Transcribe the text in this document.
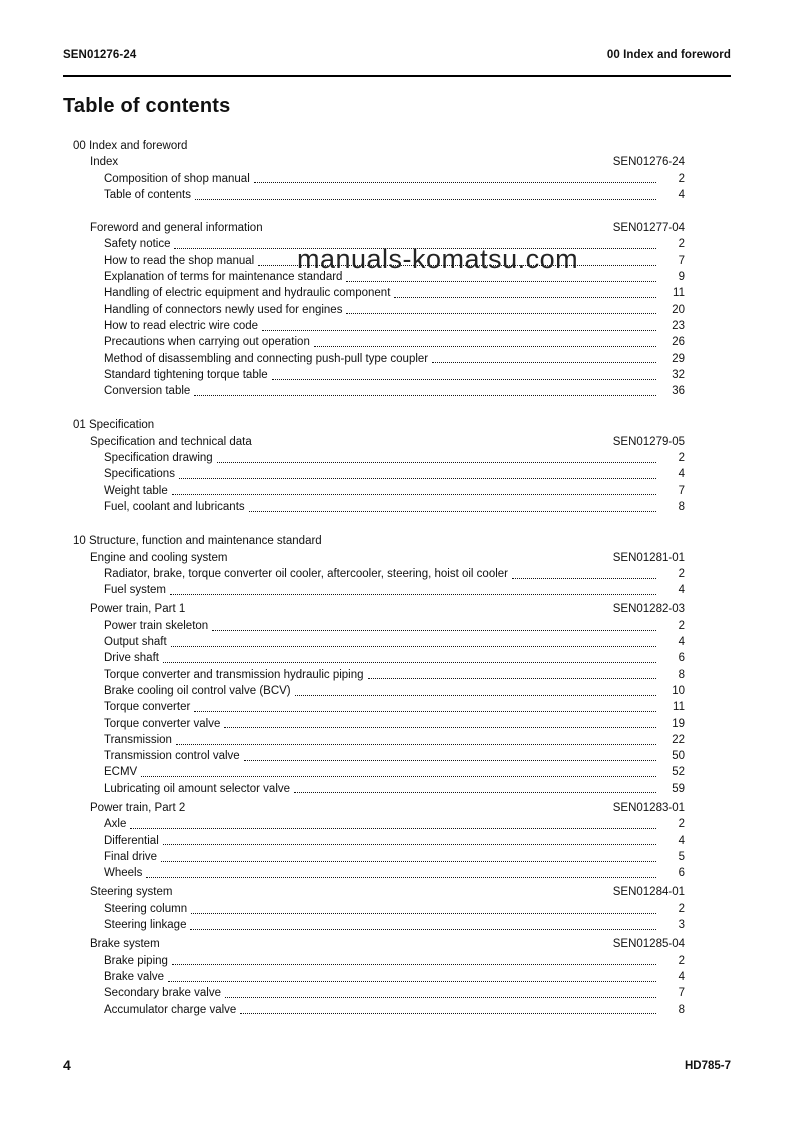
SEN01276-24	00 Index and foreword
Table of contents
00 Index and foreword
Index	SEN01276-24
Composition of shop manual	2
Table of contents	4
Foreword and general information	SEN01277-04
Safety notice	2
How to read the shop manual	7
Explanation of terms for maintenance standard	9
Handling of electric equipment and hydraulic component	11
Handling of connectors newly used for engines	20
How to read electric wire code	23
Precautions when carrying out operation	26
Method of disassembling and connecting push-pull type coupler	29
Standard tightening torque table	32
Conversion table	36
01 Specification
Specification and technical data	SEN01279-05
Specification drawing	2
Specifications	4
Weight table	7
Fuel, coolant and lubricants	8
10 Structure, function and maintenance standard
Engine and cooling system	SEN01281-01
Radiator, brake, torque converter oil cooler, aftercooler, steering, hoist oil cooler	2
Fuel system	4
Power train, Part 1	SEN01282-03
Power train skeleton	2
Output shaft	4
Drive shaft	6
Torque converter and transmission hydraulic piping	8
Brake cooling oil control valve (BCV)	10
Torque converter	11
Torque converter valve	19
Transmission	22
Transmission control valve	50
ECMV	52
Lubricating oil amount selector valve	59
Power train, Part 2	SEN01283-01
Axle	2
Differential	4
Final drive	5
Wheels	6
Steering system	SEN01284-01
Steering column	2
Steering linkage	3
Brake system	SEN01285-04
Brake piping	2
Brake valve	4
Secondary brake valve	7
Accumulator charge valve	8
manuals-komatsu.com
4	HD785-7
